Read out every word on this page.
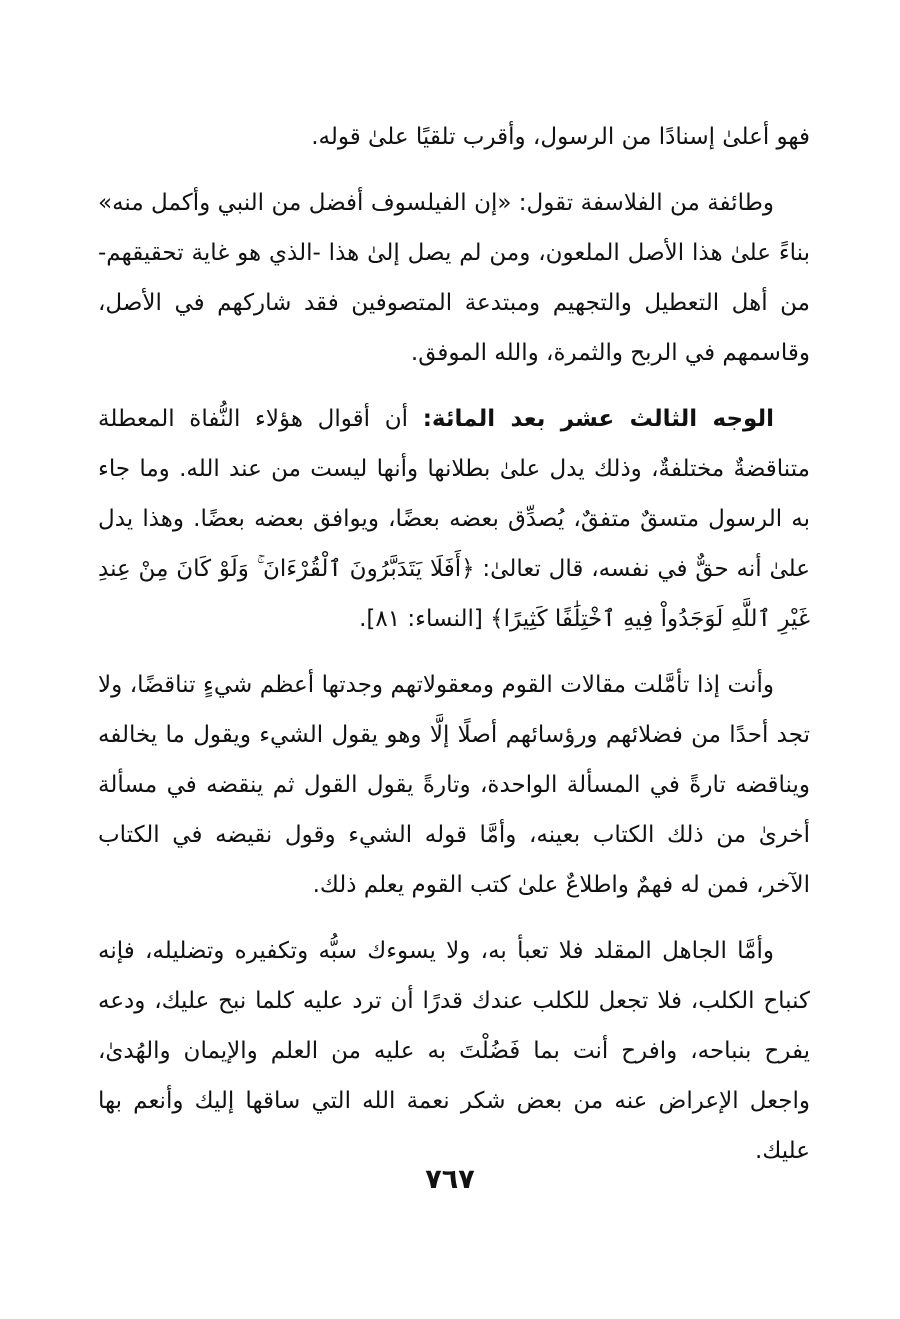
فهو أعلىٰ إسنادًا من الرسول، وأقرب تلقيًا علىٰ قوله.

وطائفة من الفلاسفة تقول: «إن الفيلسوف أفضل من النبي وأكمل منه» بناءً علىٰ هذا الأصل الملعون، ومن لم يصل إلىٰ هذا -الذي هو غاية تحقيقهم- من أهل التعطيل والتجهيم ومبتدعة المتصوفين فقد شاركهم في الأصل، وقاسمهم في الربح والثمرة، والله الموفق.

الوجه الثالث عشر بعد المائة: أن أقوال هؤلاء النُّفاة المعطلة متناقضةٌ مختلفةٌ، وذلك يدل علىٰ بطلانها وأنها ليست من عند الله. وما جاء به الرسول متسقٌ متفقٌ، يُصدِّق بعضه بعضًا، ويوافق بعضه بعضًا. وهذا يدل علىٰ أنه حقٌّ في نفسه، قال تعالىٰ: ﴿أَفَلَا يَتَدَبَّرُونَ ٱلْقُرْءَانَ ۚ وَلَوْ كَانَ مِنْ عِندِ غَيْرِ ٱللَّهِ لَوَجَدُواْ فِيهِ ٱخْتِلَٰفًا كَثِيرًا﴾ [النساء: ٨١].

وأنت إذا تأمَّلت مقالات القوم ومعقولاتهم وجدتها أعظم شيءٍ تناقضًا، ولا تجد أحدًا من فضلائهم ورؤسائهم أصلًا إلَّا وهو يقول الشيء ويقول ما يخالفه ويناقضه تارةً في المسألة الواحدة، وتارةً يقول القول ثم ينقضه في مسألة أخرىٰ من ذلك الكتاب بعينه، وأمَّا قوله الشيء وقول نقيضه في الكتاب الآخر، فمن له فهمٌ واطلاعٌ علىٰ كتب القوم يعلم ذلك.

وأمَّا الجاهل المقلد فلا تعبأ به، ولا يسوءك سبُّه وتكفيره وتضليله، فإنه كنباح الكلب، فلا تجعل للكلب عندك قدرًا أن ترد عليه كلما نبح عليك، ودعه يفرح بنباحه، وافرح أنت بما فَضُلْتَ به عليه من العلم والإيمان والهُدىٰ، واجعل الإعراض عنه من بعض شكر نعمة الله التي ساقها إليك وأنعم بها عليك.

٧٦٧
